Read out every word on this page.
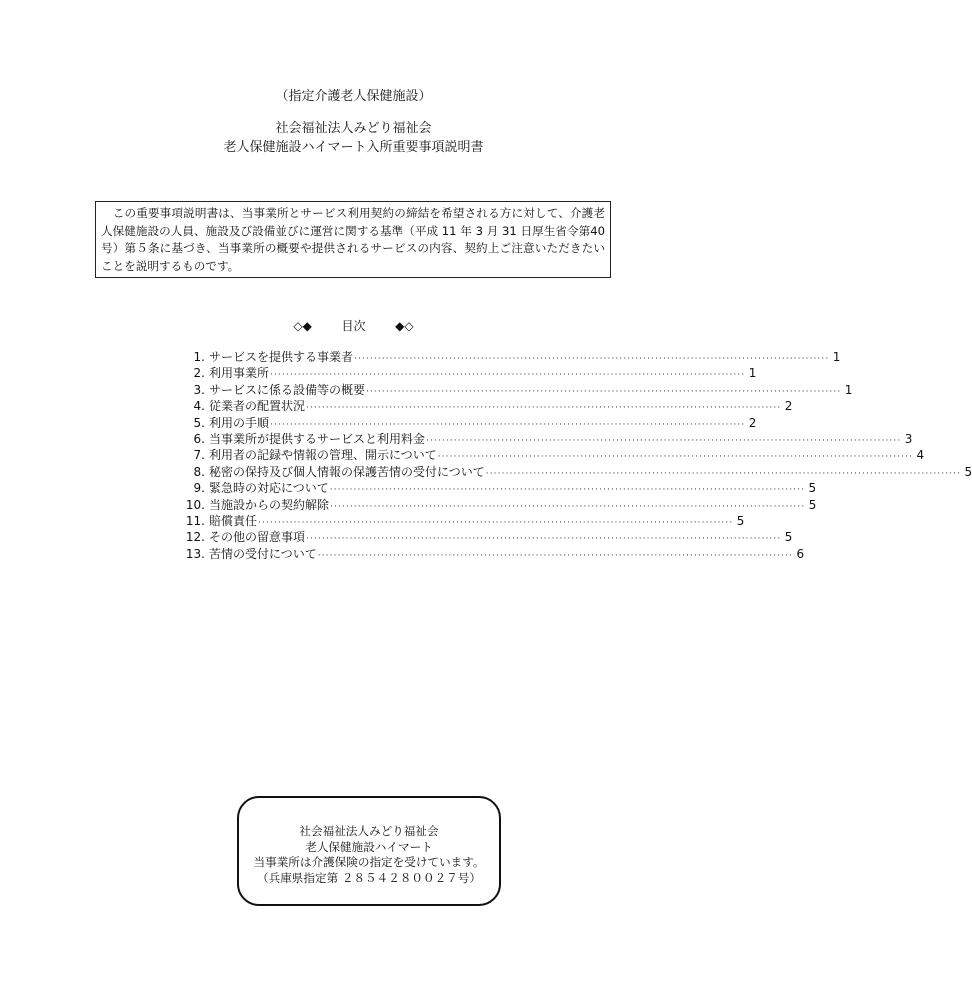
（指定介護老人保健施設）
社会福祉法人みどり福祉会
老人保健施設ハイマート入所重要事項説明書
　この重要事項説明書は、当事業所とサービス利用契約の締結を希望される方に対して、介護老人保健施設の人員、施設及び設備並びに運営に関する基準（平成 11 年 3 月 31 日厚生省令第40 号）第５条に基づき、当事業所の概要や提供されるサービスの内容、契約上ご注意いただきたいことを説明するものです。
◇◆ 目次 ◆◇
1. サービスを提供する事業者 ························································································································ 1
2. 利用事業所 ························································································································ 1
3. サービスに係る設備等の概要 ························································································································ 1
4. 従業者の配置状況 ························································································································ 2
5. 利用の手順 ························································································································ 2
6. 当事業所が提供するサービスと利用料金 ························································································································ 3
7. 利用者の記録や情報の管理、開示について ························································································································ 4
8. 秘密の保持及び個人情報の保護苦情の受付について ························································································································ 5
9. 緊急時の対応について ························································································································ 5
10. 当施設からの契約解除 ························································································································ 5
11. 賠償責任 ························································································································ 5
12. その他の留意事項 ························································································································ 5
13. 苦情の受付について ························································································································ 6
社会福祉法人みどり福祉会
老人保健施設ハイマート
当事業所は介護保険の指定を受けています。
（兵庫県指定第 ２８５４２８００２７号）
